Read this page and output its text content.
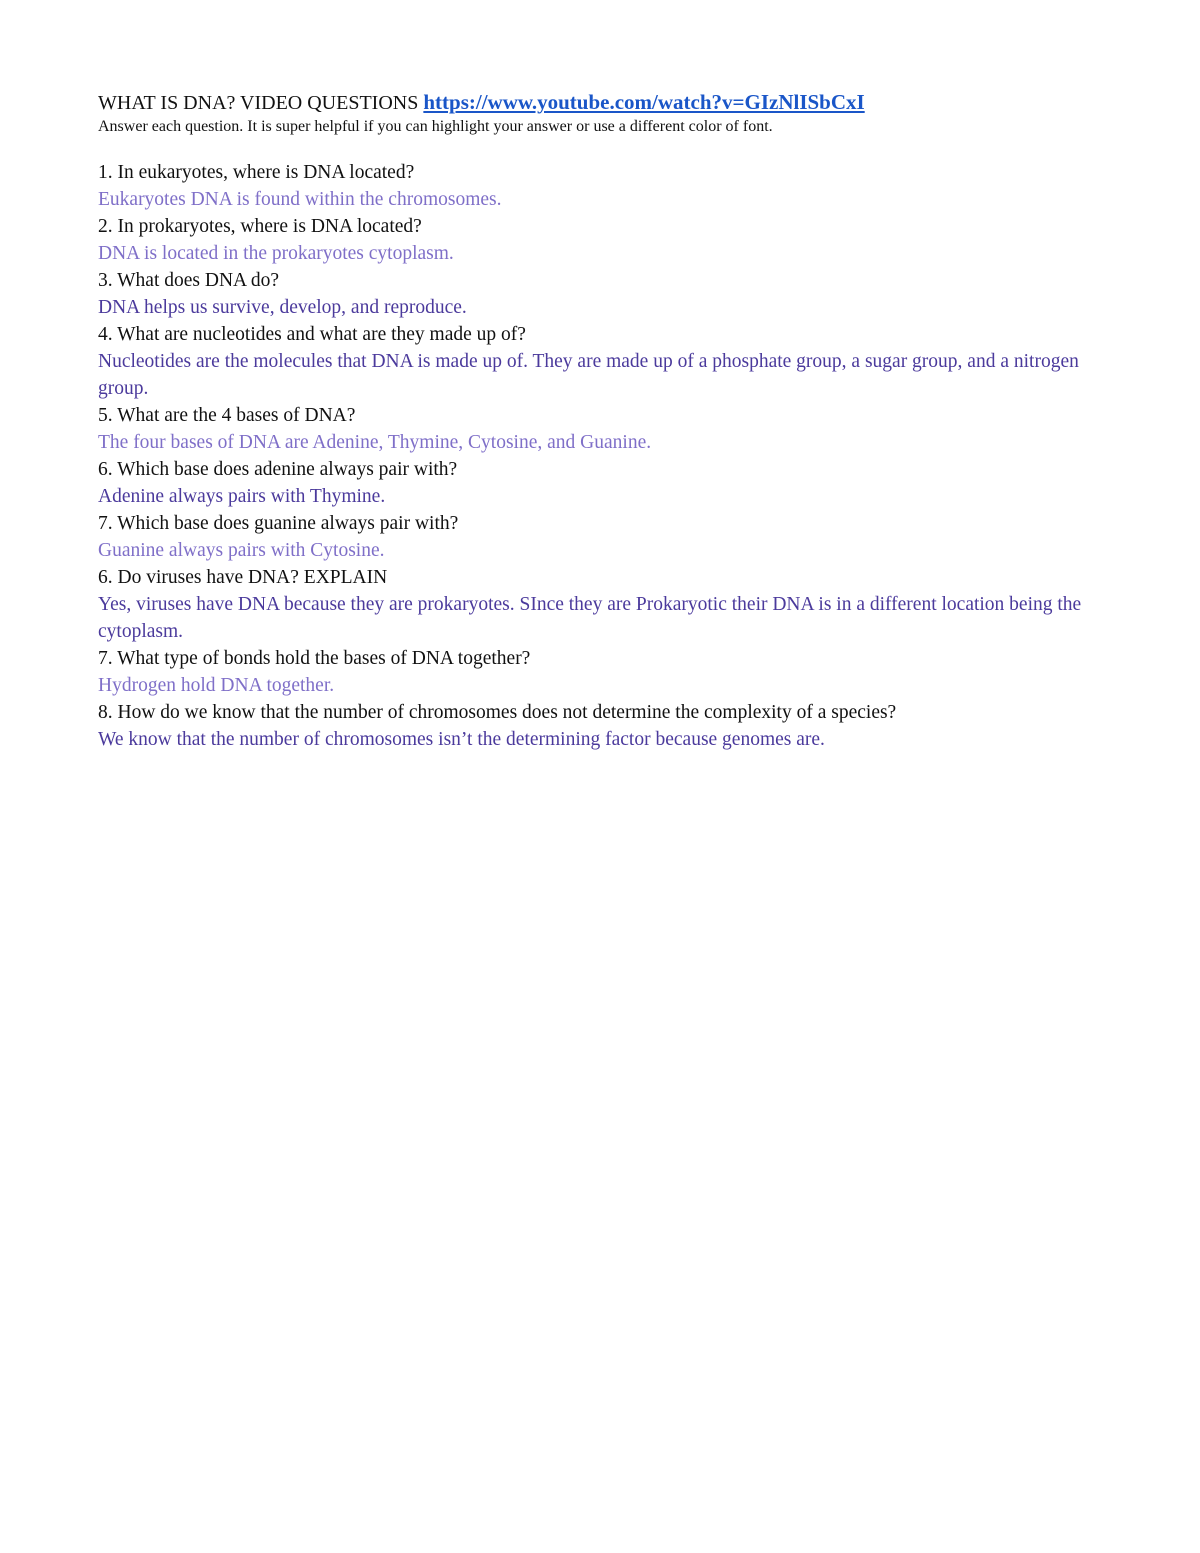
WHAT IS DNA? VIDEO QUESTIONS https://www.youtube.com/watch?v=GIzNlISbCxI
Answer each question. It is super helpful if you can highlight your answer or use a different color of font.
1. In eukaryotes, where is DNA located?
Eukaryotes DNA is found within the chromosomes.
2. In prokaryotes, where is DNA located?
DNA is located in the prokaryotes cytoplasm.
3. What does DNA do?
DNA helps us survive, develop, and reproduce.
4. What are nucleotides and what are they made up of?
Nucleotides are the molecules that DNA is made up of. They are made up of a phosphate group, a sugar group, and a nitrogen group.
5. What are the 4 bases of DNA?
The four bases of DNA are Adenine, Thymine, Cytosine, and Guanine.
6. Which base does adenine always pair with?
Adenine always pairs with Thymine.
7. Which base does guanine always pair with?
Guanine always pairs with Cytosine.
6. Do viruses have DNA? EXPLAIN
Yes, viruses have DNA because they are prokaryotes. SInce they are Prokaryotic their DNA is in a different location being the cytoplasm.
7. What type of bonds hold the bases of DNA together?
Hydrogen hold DNA together.
8. How do we know that the number of chromosomes does not determine the complexity of a species?
We know that the number of chromosomes isn’t the determining factor because genomes are.
